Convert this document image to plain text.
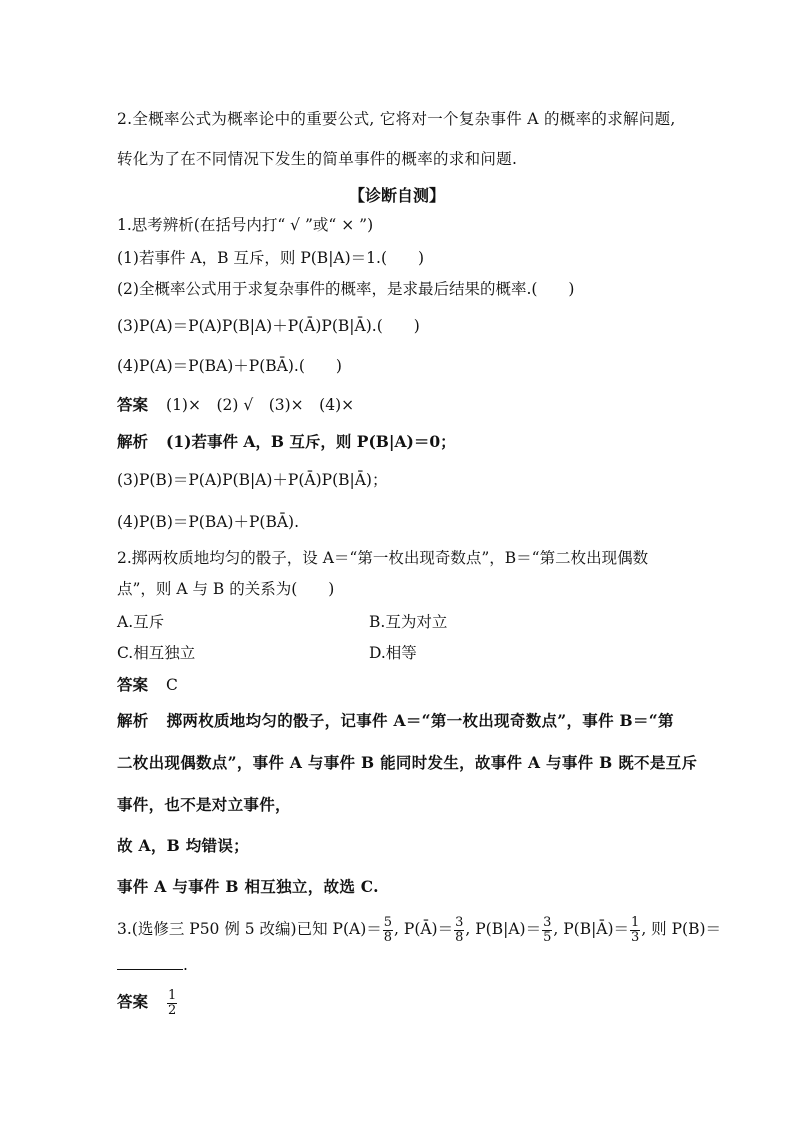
2.全概率公式为概率论中的重要公式, 它将对一个复杂事件 A 的概率的求解问题,
转化为了在不同情况下发生的简单事件的概率的求和问题.
【诊断自测】
1.思考辨析(在括号内打“ √ ”或“ × ”)
(1)若事件 A，B 互斥，则 P(B|A)＝1.(　　)
(2)全概率公式用于求复杂事件的概率，是求最后结果的概率.(　　)
(3)P(A)＝P(A)P(B|A)＋P(Ā)P(B|Ā).(　　)
(4)P(A)＝P(BA)＋P(BĀ).(　　)
答案 (1)×　(2) √　(3)×　(4)×
解析 (1)若事件 A，B 互斥，则 P(B|A)＝0；
(3)P(B)＝P(A)P(B|A)＋P(Ā)P(B|Ā)；
(4)P(B)＝P(BA)＋P(BĀ).
2.掷两枚质地均匀的骰子，设 A＝“第一枚出现奇数点”，B＝“第二枚出现偶数
点”，则 A 与 B 的关系为(　　)
A.互斥	B.互为对立
C.相互独立	D.相等
答案 C
解析 掷两枚质地均匀的骰子，记事件 A＝“第一枚出现奇数点”，事件 B＝“第
二枚出现偶数点”，事件 A 与事件 B 能同时发生，故事件 A 与事件 B 既不是互斥
事件，也不是对立事件，
故 A，B 均错误；
事件 A 与事件 B 相互独立，故选 C.
3.(选修三 P50 例 5 改编)已知 $P(A)= \frac{5}{8}$ , P(Ā)＝ $\frac{3}{8}$ , $P(B|A)= \frac{3}{5}$ , P(B|Ā)＝ $\frac{1}{3}$ , 则 P(B)＝
.
答案 $\frac{1}{2}$
